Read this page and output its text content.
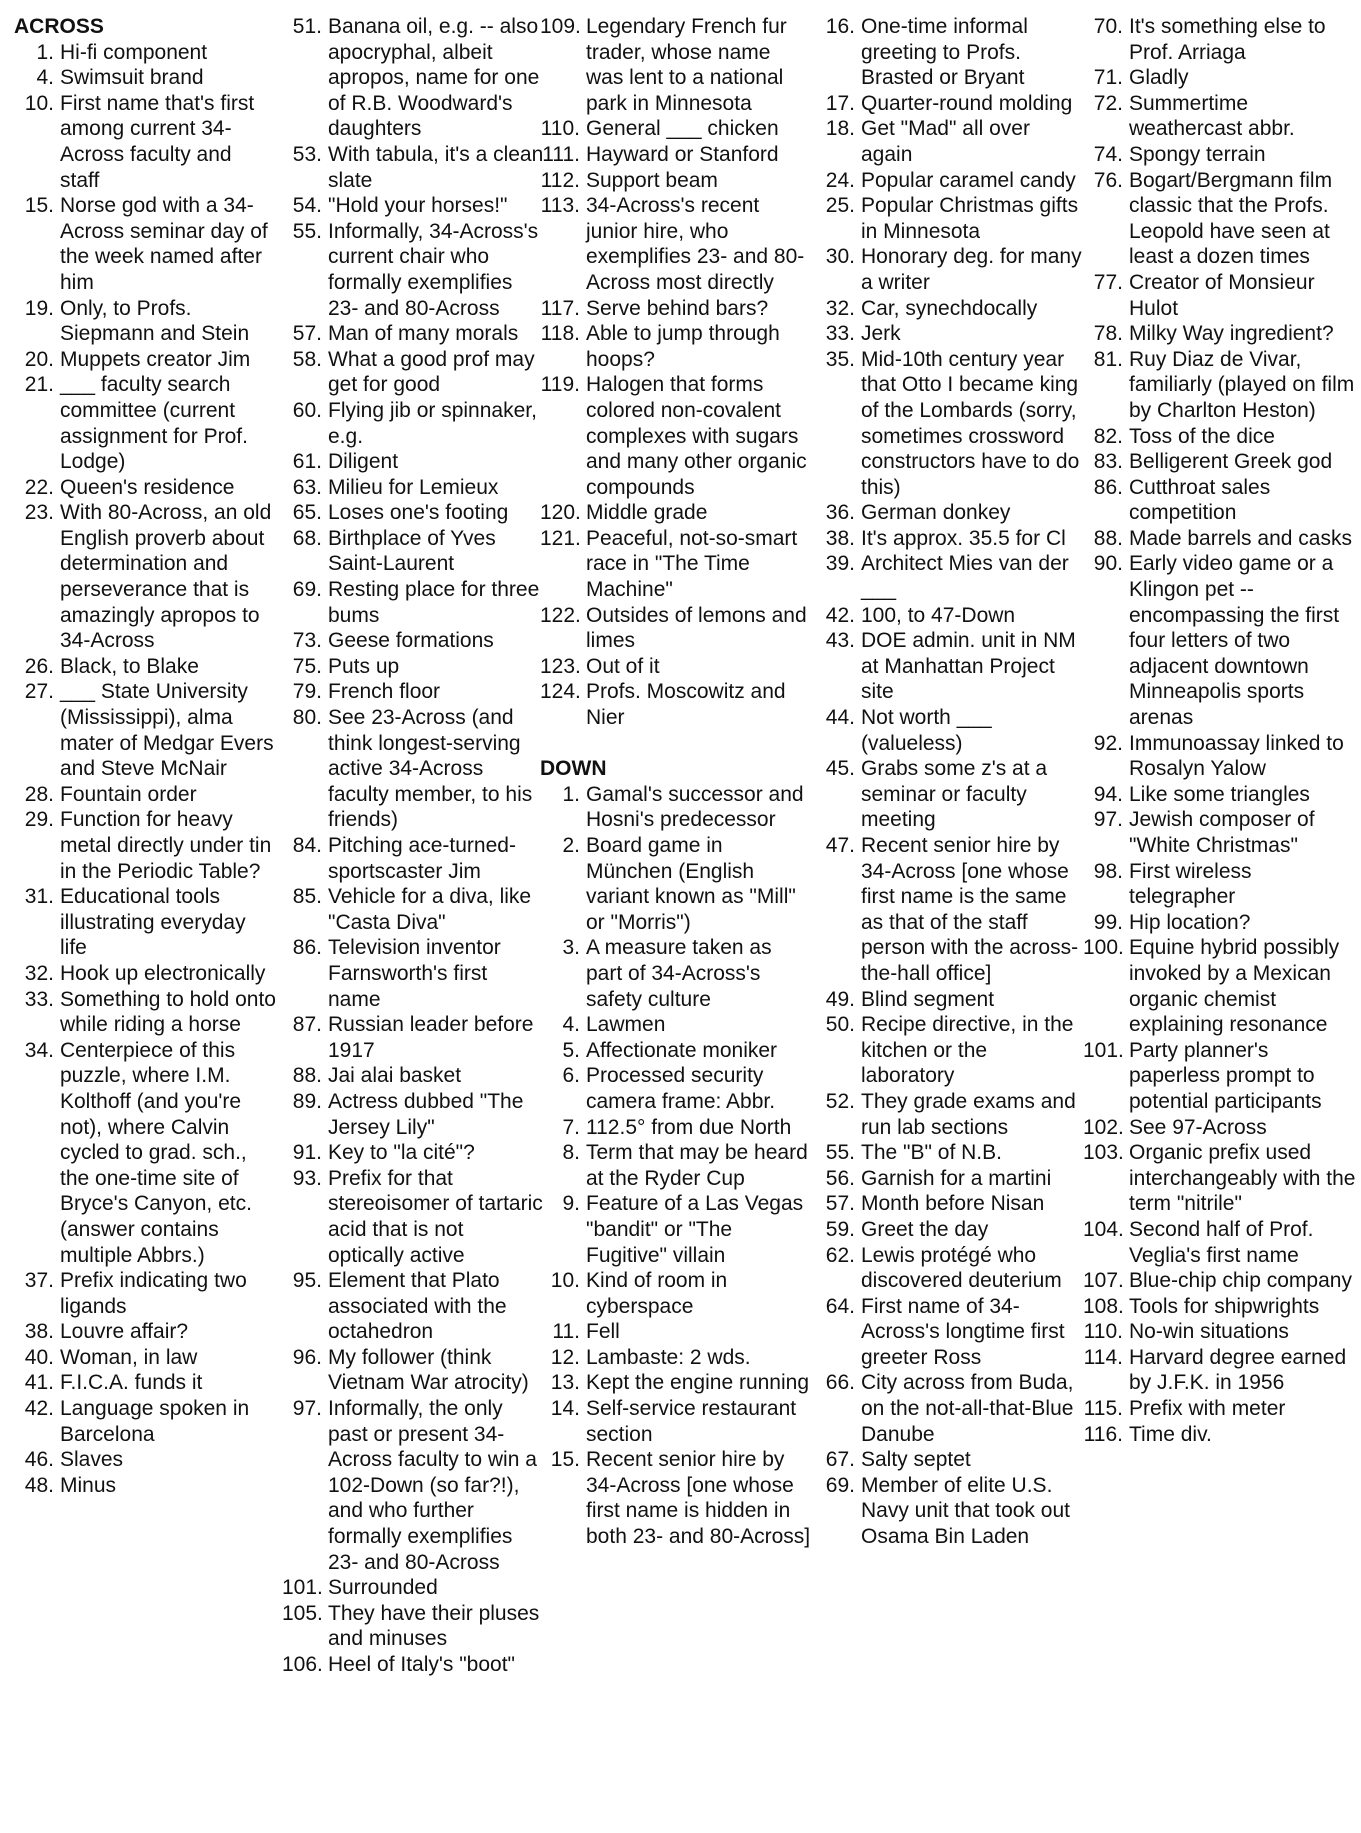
ACROSS
1. Hi-fi component
4. Swimsuit brand
10. First name that's first among current 34-Across faculty and staff
15. Norse god with a 34-Across seminar day of the week named after him
19. Only, to Profs. Siepmann and Stein
20. Muppets creator Jim
21. ___ faculty search committee (current assignment for Prof. Lodge)
22. Queen's residence
23. With 80-Across, an old English proverb about determination and perseverance that is amazingly apropos to 34-Across
26. Black, to Blake
27. ___ State University (Mississippi), alma mater of Medgar Evers and Steve McNair
28. Fountain order
29. Function for heavy metal directly under tin in the Periodic Table?
31. Educational tools illustrating everyday life
32. Hook up electronically
33. Something to hold onto while riding a horse
34. Centerpiece of this puzzle, where I.M. Kolthoff (and you're not), where Calvin cycled to grad. sch., the one-time site of Bryce's Canyon, etc. (answer contains multiple Abbrs.)
37. Prefix indicating two ligands
38. Louvre affair?
40. Woman, in law
41. F.I.C.A. funds it
42. Language spoken in Barcelona
46. Slaves
48. Minus
51. Banana oil, e.g. -- also apocryphal, albeit apropos, name for one of R.B. Woodward's daughters
53. With tabula, it's a clean slate
54. "Hold your horses!"
55. Informally, 34-Across's current chair who formally exemplifies 23- and 80-Across
57. Man of many morals
58. What a good prof may get for good
60. Flying jib or spinnaker, e.g.
61. Diligent
63. Milieu for Lemieux
65. Loses one's footing
68. Birthplace of Yves Saint-Laurent
69. Resting place for three bums
73. Geese formations
75. Puts up
79. French floor
80. See 23-Across (and think longest-serving active 34-Across faculty member, to his friends)
84. Pitching ace-turned-sportscaster Jim
85. Vehicle for a diva, like "Casta Diva"
86. Television inventor Farnsworth's first name
87. Russian leader before 1917
88. Jai alai basket
89. Actress dubbed "The Jersey Lily"
91. Key to "la cité"?
93. Prefix for that stereoisomer of tartaric acid that is not optically active
95. Element that Plato associated with the octahedron
96. My follower (think Vietnam War atrocity)
97. Informally, the only past or present 34-Across faculty to win a 102-Down (so far?!), and who further formally exemplifies 23- and 80-Across
101. Surrounded
105. They have their pluses and minuses
106. Heel of Italy's "boot"
109. Legendary French fur trader, whose name was lent to a national park in Minnesota
110. General ___ chicken
111. Hayward or Stanford
112. Support beam
113. 34-Across's recent junior hire, who exemplifies 23- and 80-Across most directly
117. Serve behind bars?
118. Able to jump through hoops?
119. Halogen that forms colored non-covalent complexes with sugars and many other organic compounds
120. Middle grade
121. Peaceful, not-so-smart race in "The Time Machine"
122. Outsides of lemons and limes
123. Out of it
124. Profs. Moscowitz and Nier
DOWN
1. Gamal's successor and Hosni's predecessor
2. Board game in München (English variant known as "Mill" or "Morris")
3. A measure taken as part of 34-Across's safety culture
4. Lawmen
5. Affectionate moniker
6. Processed security camera frame: Abbr.
7. 112.5° from due North
8. Term that may be heard at the Ryder Cup
9. Feature of a Las Vegas "bandit" or "The Fugitive" villain
10. Kind of room in cyberspace
11. Fell
12. Lambaste: 2 wds.
13. Kept the engine running
14. Self-service restaurant section
15. Recent senior hire by 34-Across [one whose first name is hidden in both 23- and 80-Across]
16. One-time informal greeting to Profs. Brasted or Bryant
17. Quarter-round molding
18. Get "Mad" all over again
24. Popular caramel candy
25. Popular Christmas gifts in Minnesota
30. Honorary deg. for many a writer
32. Car, synechdocally
33. Jerk
35. Mid-10th century year that Otto I became king of the Lombards (sorry, sometimes crossword constructors have to do this)
36. German donkey
38. It's approx. 35.5 for Cl
39. Architect Mies van der ___
42. 100, to 47-Down
43. DOE admin. unit in NM at Manhattan Project site
44. Not worth ___ (valueless)
45. Grabs some z's at a seminar or faculty meeting
47. Recent senior hire by 34-Across [one whose first name is the same as that of the staff person with the across-the-hall office]
49. Blind segment
50. Recipe directive, in the kitchen or the laboratory
52. They grade exams and run lab sections
55. The "B" of N.B.
56. Garnish for a martini
57. Month before Nisan
59. Greet the day
62. Lewis protégé who discovered deuterium
64. First name of 34-Across's longtime first greeter Ross
66. City across from Buda, on the not-all-that-Blue Danube
67. Salty septet
69. Member of elite U.S. Navy unit that took out Osama Bin Laden
70. It's something else to Prof. Arriaga
71. Gladly
72. Summertime weathercast abbr.
74. Spongy terrain
76. Bogart/Bergmann film classic that the Profs. Leopold have seen at least a dozen times
77. Creator of Monsieur Hulot
78. Milky Way ingredient?
81. Ruy Diaz de Vivar, familiarly (played on film by Charlton Heston)
82. Toss of the dice
83. Belligerent Greek god
86. Cutthroat sales competition
88. Made barrels and casks
90. Early video game or a Klingon pet -- encompassing the first four letters of two adjacent downtown Minneapolis sports arenas
92. Immunoassay linked to Rosalyn Yalow
94. Like some triangles
97. Jewish composer of "White Christmas"
98. First wireless telegrapher
99. Hip location?
100. Equine hybrid possibly invoked by a Mexican organic chemist explaining resonance
101. Party planner's paperless prompt to potential participants
102. See 97-Across
103. Organic prefix used interchangeably with the term "nitrile"
104. Second half of Prof. Veglia's first name
107. Blue-chip chip company
108. Tools for shipwrights
110. No-win situations
114. Harvard degree earned by J.F.K. in 1956
115. Prefix with meter
116. Time div.
